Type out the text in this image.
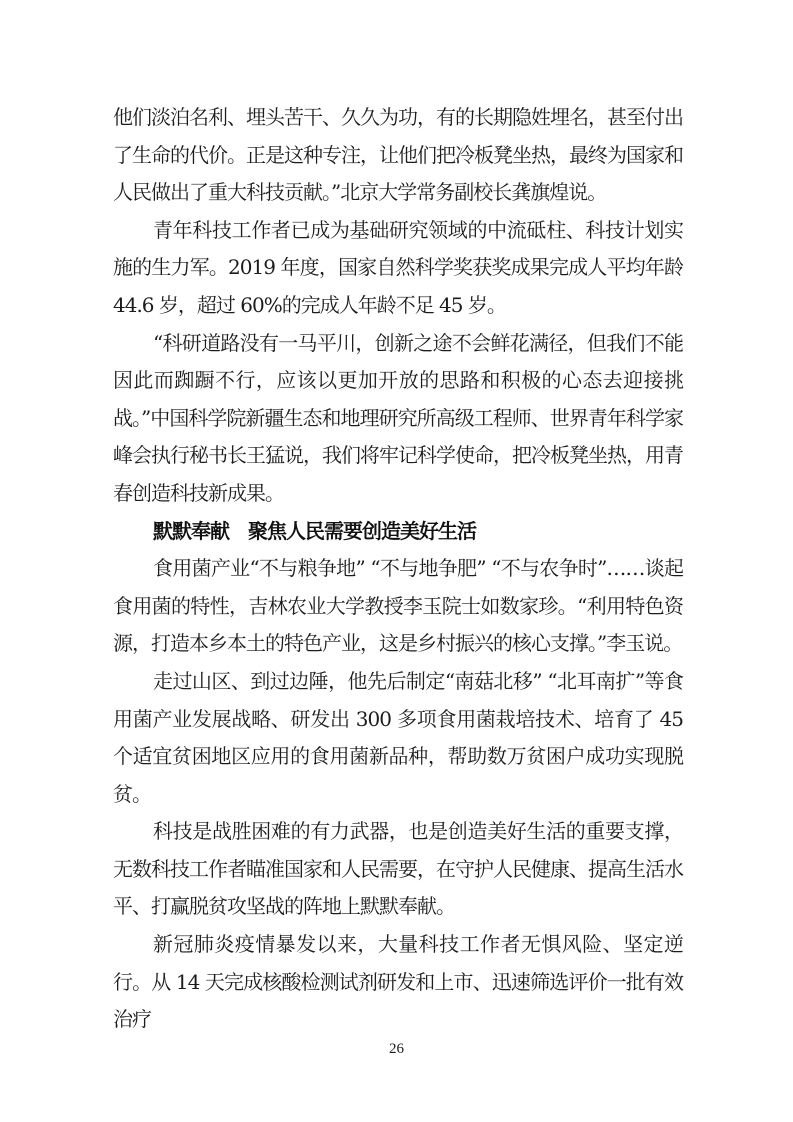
他们淡泊名利、埋头苦干、久久为功，有的长期隐姓埋名，甚至付出了生命的代价。正是这种专注，让他们把冷板凳坐热，最终为国家和人民做出了重大科技贡献。”北京大学常务副校长龚旗煌说。

青年科技工作者已成为基础研究领域的中流砥柱、科技计划实施的生力军。2019 年度，国家自然科学奖获奖成果完成人平均年龄 44.6 岁，超过 60%的完成人年龄不足 45 岁。

“科研道路没有一马平川，创新之途不会鲜花满径，但我们不能因此而踟蹰不行，应该以更加开放的思路和积极的心态去迎接挑战。”中国科学院新疆生态和地理研究所高级工程师、世界青年科学家峰会执行秘书长王猛说，我们将牢记科学使命，把冷板凳坐热，用青春创造科技新成果。

默默奉献　聚焦人民需要创造美好生活

食用菌产业“不与粮争地” “不与地争肥” “不与农争时”……谈起食用菌的特性，吉林农业大学教授李玉院士如数家珍。“利用特色资源，打造本乡本土的特色产业，这是乡村振兴的核心支撑。”李玉说。

走过山区、到过边陲，他先后制定“南菇北移” “北耳南扩”等食用菌产业发展战略、研发出 300 多项食用菌栽培技术、培育了 45 个适宜贫困地区应用的食用菌新品种，帮助数万贫困户成功实现脱贫。

科技是战胜困难的有力武器，也是创造美好生活的重要支撑，无数科技工作者瞄准国家和人民需要，在守护人民健康、提高生活水平、打赢脱贫攻坚战的阵地上默默奉献。

新冠肺炎疫情暴发以来，大量科技工作者无惧风险、坚定逆行。从 14 天完成核酸检测试剂研发和上市、迅速筛选评价一批有效治疗

26
